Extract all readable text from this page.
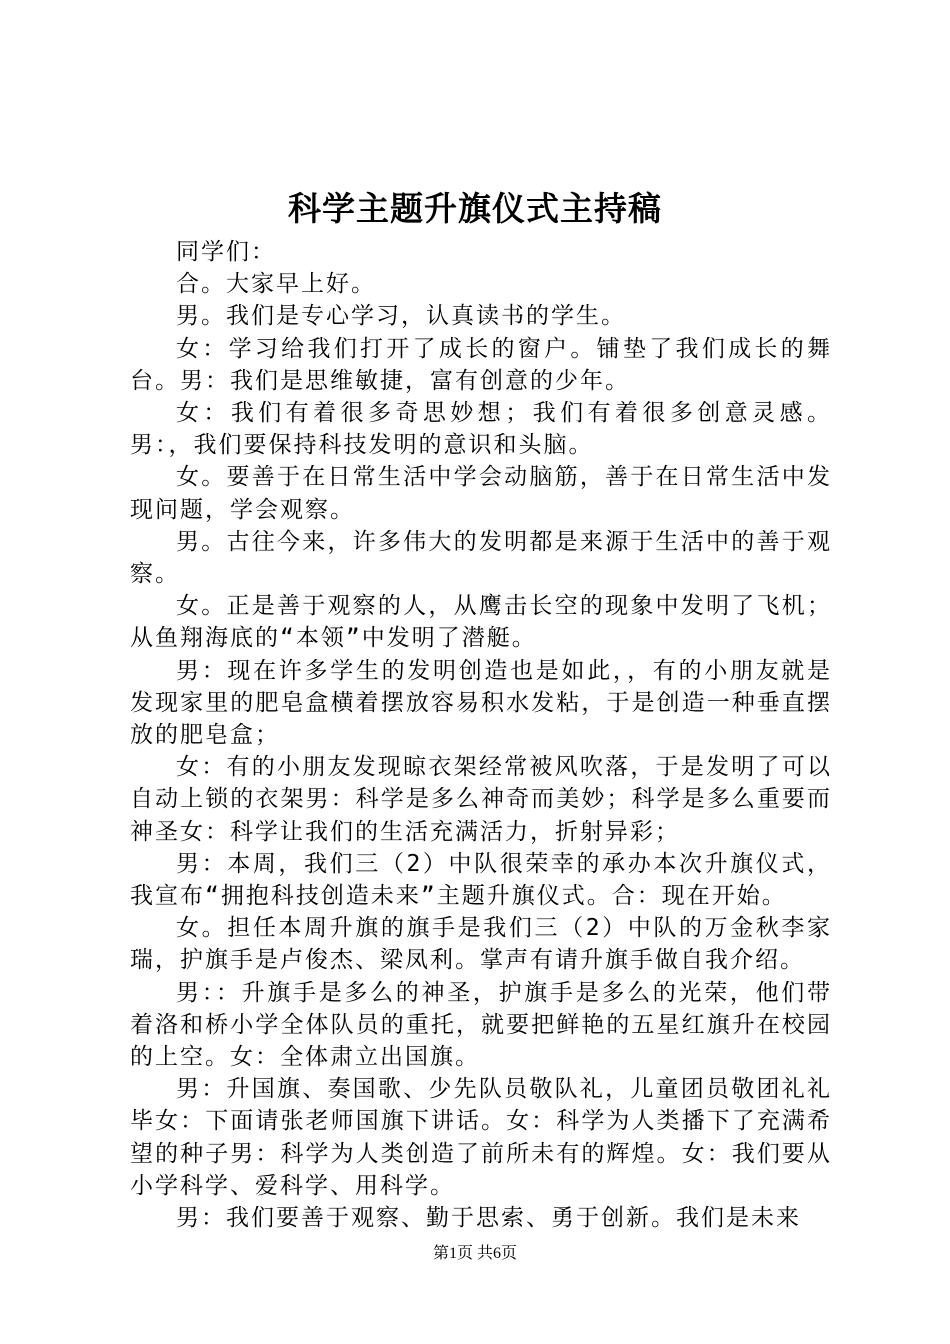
科学主题升旗仪式主持稿

同学们：

合。大家早上好。

男。我们是专心学习，认真读书的学生。

女：学习给我们打开了成长的窗户。铺垫了我们成长的舞台。男：我们是思维敏捷，富有创意的少年。

女：我们有着很多奇思妙想；我们有着很多创意灵感。男：，我们要保持科技发明的意识和头脑。

女。要善于在日常生活中学会动脑筋，善于在日常生活中发现问题，学会观察。

男。古往今来，许多伟大的发明都是来源于生活中的善于观察。

女。正是善于观察的人，从鹰击长空的现象中发明了飞机；从鱼翔海底的“本领”中发明了潜艇。

男：现在许多学生的发明创造也是如此，，有的小朋友就是发现家里的肥皂盒横着摆放容易积水发粘，于是创造一种垂直摆放的肥皂盒；

女：有的小朋友发现晾衣架经常被风吹落，于是发明了可以自动上锁的衣架男：科学是多么神奇而美妙；科学是多么重要而神圣女：科学让我们的生活充满活力，折射异彩；

男：本周，我们三（2）中队很荣幸的承办本次升旗仪式，我宣布“拥抱科技创造未来”主题升旗仪式。合：现在开始。

女。担任本周升旗的旗手是我们三（2）中队的万金秋李家瑞，护旗手是卢俊杰、梁凤利。掌声有请升旗手做自我介绍。

男：：升旗手是多么的神圣，护旗手是多么的光荣，他们带着洛和桥小学全体队员的重托，就要把鲜艳的五星红旗升在校园的上空。女：全体肃立出国旗。

男：升国旗、奏国歌、少先队员敬队礼，儿童团员敬团礼礼毕女：下面请张老师国旗下讲话。女：科学为人类播下了充满希望的种子男：科学为人类创造了前所未有的辉煌。女：我们要从小学科学、爱科学、用科学。

男：我们要善于观察、勤于思索、勇于创新。我们是未来

第1页 共6页
